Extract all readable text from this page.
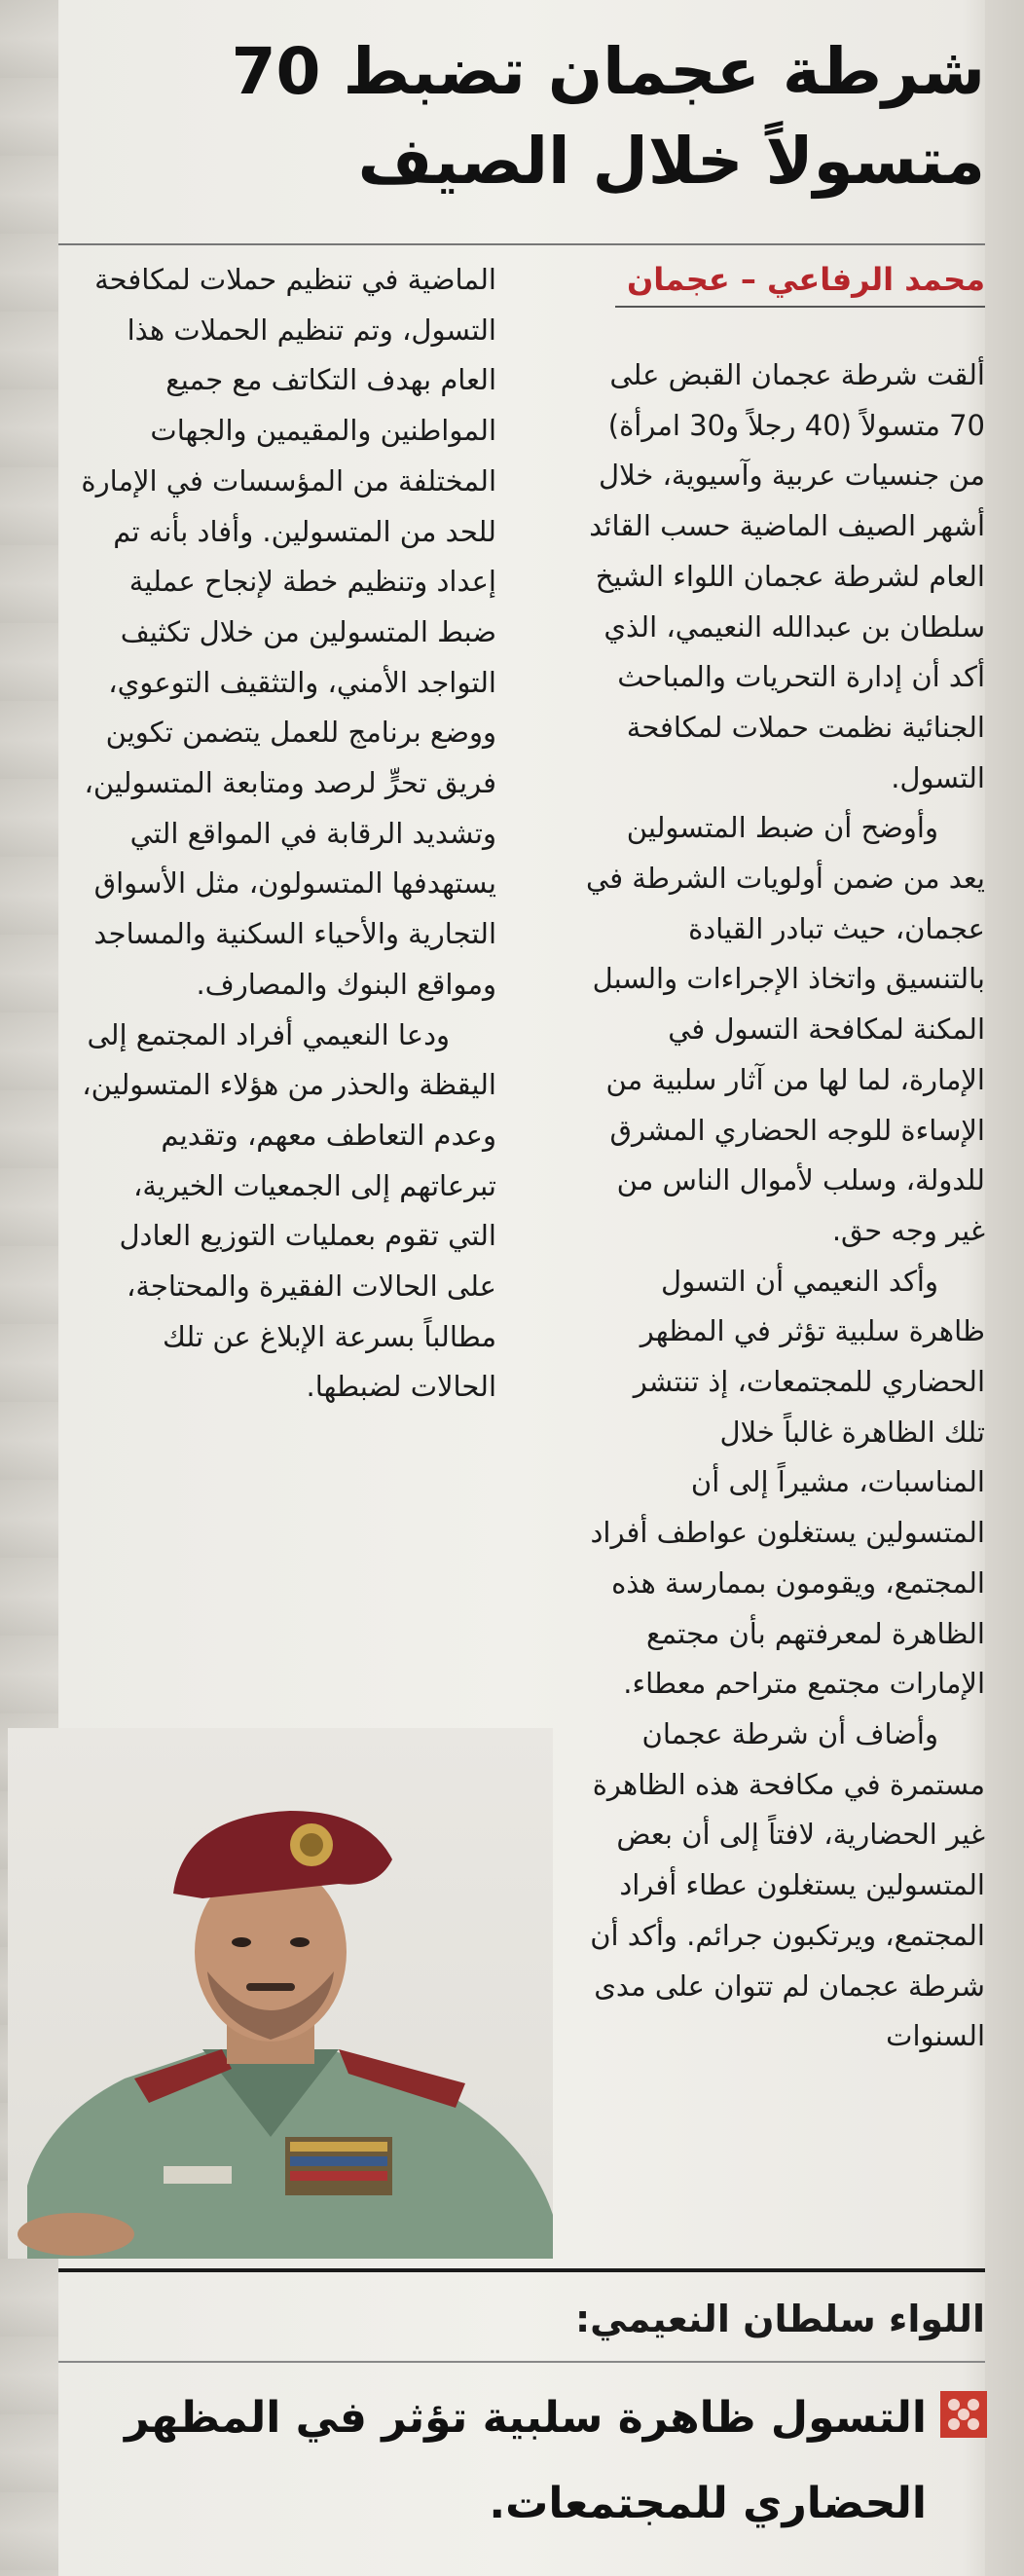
شرطة عجمان تضبط 70 متسولاً خلال الصيف
محمد الرفاعي – عجمان

ألقت شرطة عجمان القبض على 70 متسولاً (40 رجلاً و30 امرأة) من جنسيات عربية وآسيوية، خلال أشهر الصيف الماضية حسب القائد العام لشرطة عجمان اللواء الشيخ سلطان بن عبدالله النعيمي، الذي أكد أن إدارة التحريات والمباحث الجنائية نظمت حملات لمكافحة التسول.

وأوضح أن ضبط المتسولين يعد من ضمن أولويات الشرطة في عجمان، حيث تبادر القيادة بالتنسيق واتخاذ الإجراءات والسبل المكنة لمكافحة التسول في الإمارة، لما لها من آثار سلبية من الإساءة للوجه الحضاري المشرق للدولة، وسلب لأموال الناس من غير وجه حق.

وأكد النعيمي أن التسول ظاهرة سلبية تؤثر في المظهر الحضاري للمجتمعات، إذ تنتشر تلك الظاهرة غالباً خلال المناسبات، مشيراً إلى أن المتسولين يستغلون عواطف أفراد المجتمع، ويقومون بممارسة هذه الظاهرة لمعرفتهم بأن مجتمع الإمارات مجتمع متراحم معطاء.

وأضاف أن شرطة عجمان مستمرة في مكافحة هذه الظاهرة غير الحضارية، لافتاً إلى أن بعض المتسولين يستغلون عطاء أفراد المجتمع، ويرتكبون جرائم. وأكد أن شرطة عجمان لم تتوان على مدى السنوات

الماضية في تنظيم حملات لمكافحة التسول، وتم تنظيم الحملات هذا العام بهدف التكاتف مع جميع المواطنين والمقيمين والجهات المختلفة من المؤسسات في الإمارة للحد من المتسولين. وأفاد بأنه تم إعداد وتنظيم خطة لإنجاح عملية ضبط المتسولين من خلال تكثيف التواجد الأمني، والتثقيف التوعوي، ووضع برنامج للعمل يتضمن تكوين فريق تحرٍّ لرصد ومتابعة المتسولين، وتشديد الرقابة في المواقع التي يستهدفها المتسولون، مثل الأسواق التجارية والأحياء السكنية والمساجد ومواقع البنوك والمصارف.

ودعا النعيمي أفراد المجتمع إلى اليقظة والحذر من هؤلاء المتسولين، وعدم التعاطف معهم، وتقديم تبرعاتهم إلى الجمعيات الخيرية، التي تقوم بعمليات التوزيع العادل على الحالات الفقيرة والمحتاجة، مطالباً بسرعة الإبلاغ عن تلك الحالات لضبطها.

اللواء سلطان النعيمي:
التسول ظاهرة سلبية تؤثر في المظهر الحضاري للمجتمعات.
